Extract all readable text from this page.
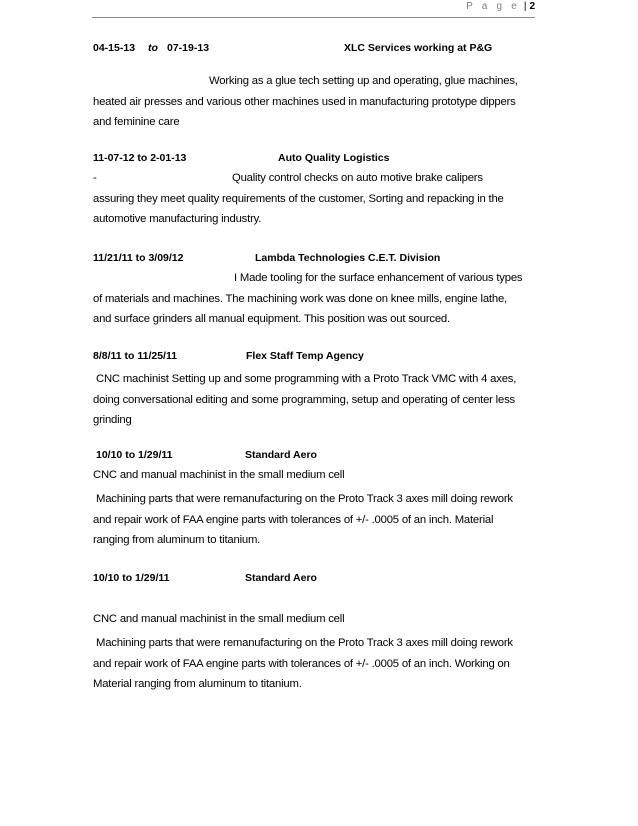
P a g e | 2
04-15-13 to 07-19-13	XLC Services working at P&G
Working as a glue tech setting up and operating, glue machines,
heated air presses and various other machines used in manufacturing prototype dippers
and feminine care
11-07-12 to 2-01-13	Auto Quality Logistics
-	Quality control checks on auto motive brake calipers
assuring they meet quality requirements of the customer, Sorting and repacking in the
automotive manufacturing industry.
11/21/11 to 3/09/12	Lambda Technologies C.E.T. Division
I Made tooling for the surface enhancement of various types
of materials and machines. The machining work was done on knee mills, engine lathe,
and surface grinders all manual equipment. This position was out sourced.
8/8/11 to 11/25/11	Flex Staff Temp Agency
CNC machinist Setting up and some programming with a Proto Track VMC with 4 axes,
doing conversational editing and some programming, setup and operating of center less
grinding
10/10 to 1/29/11	Standard Aero
CNC and manual machinist in the small medium cell
Machining parts that were remanufacturing on the Proto Track 3 axes mill doing rework
and repair work of FAA engine parts with tolerances of +/- .0005 of an inch. Material
ranging from aluminum to titanium.
10/10 to 1/29/11	Standard Aero
CNC and manual machinist in the small medium cell
Machining parts that were remanufacturing on the Proto Track 3 axes mill doing rework
and repair work of FAA engine parts with tolerances of +/- .0005 of an inch. Working on
Material ranging from aluminum to titanium.
